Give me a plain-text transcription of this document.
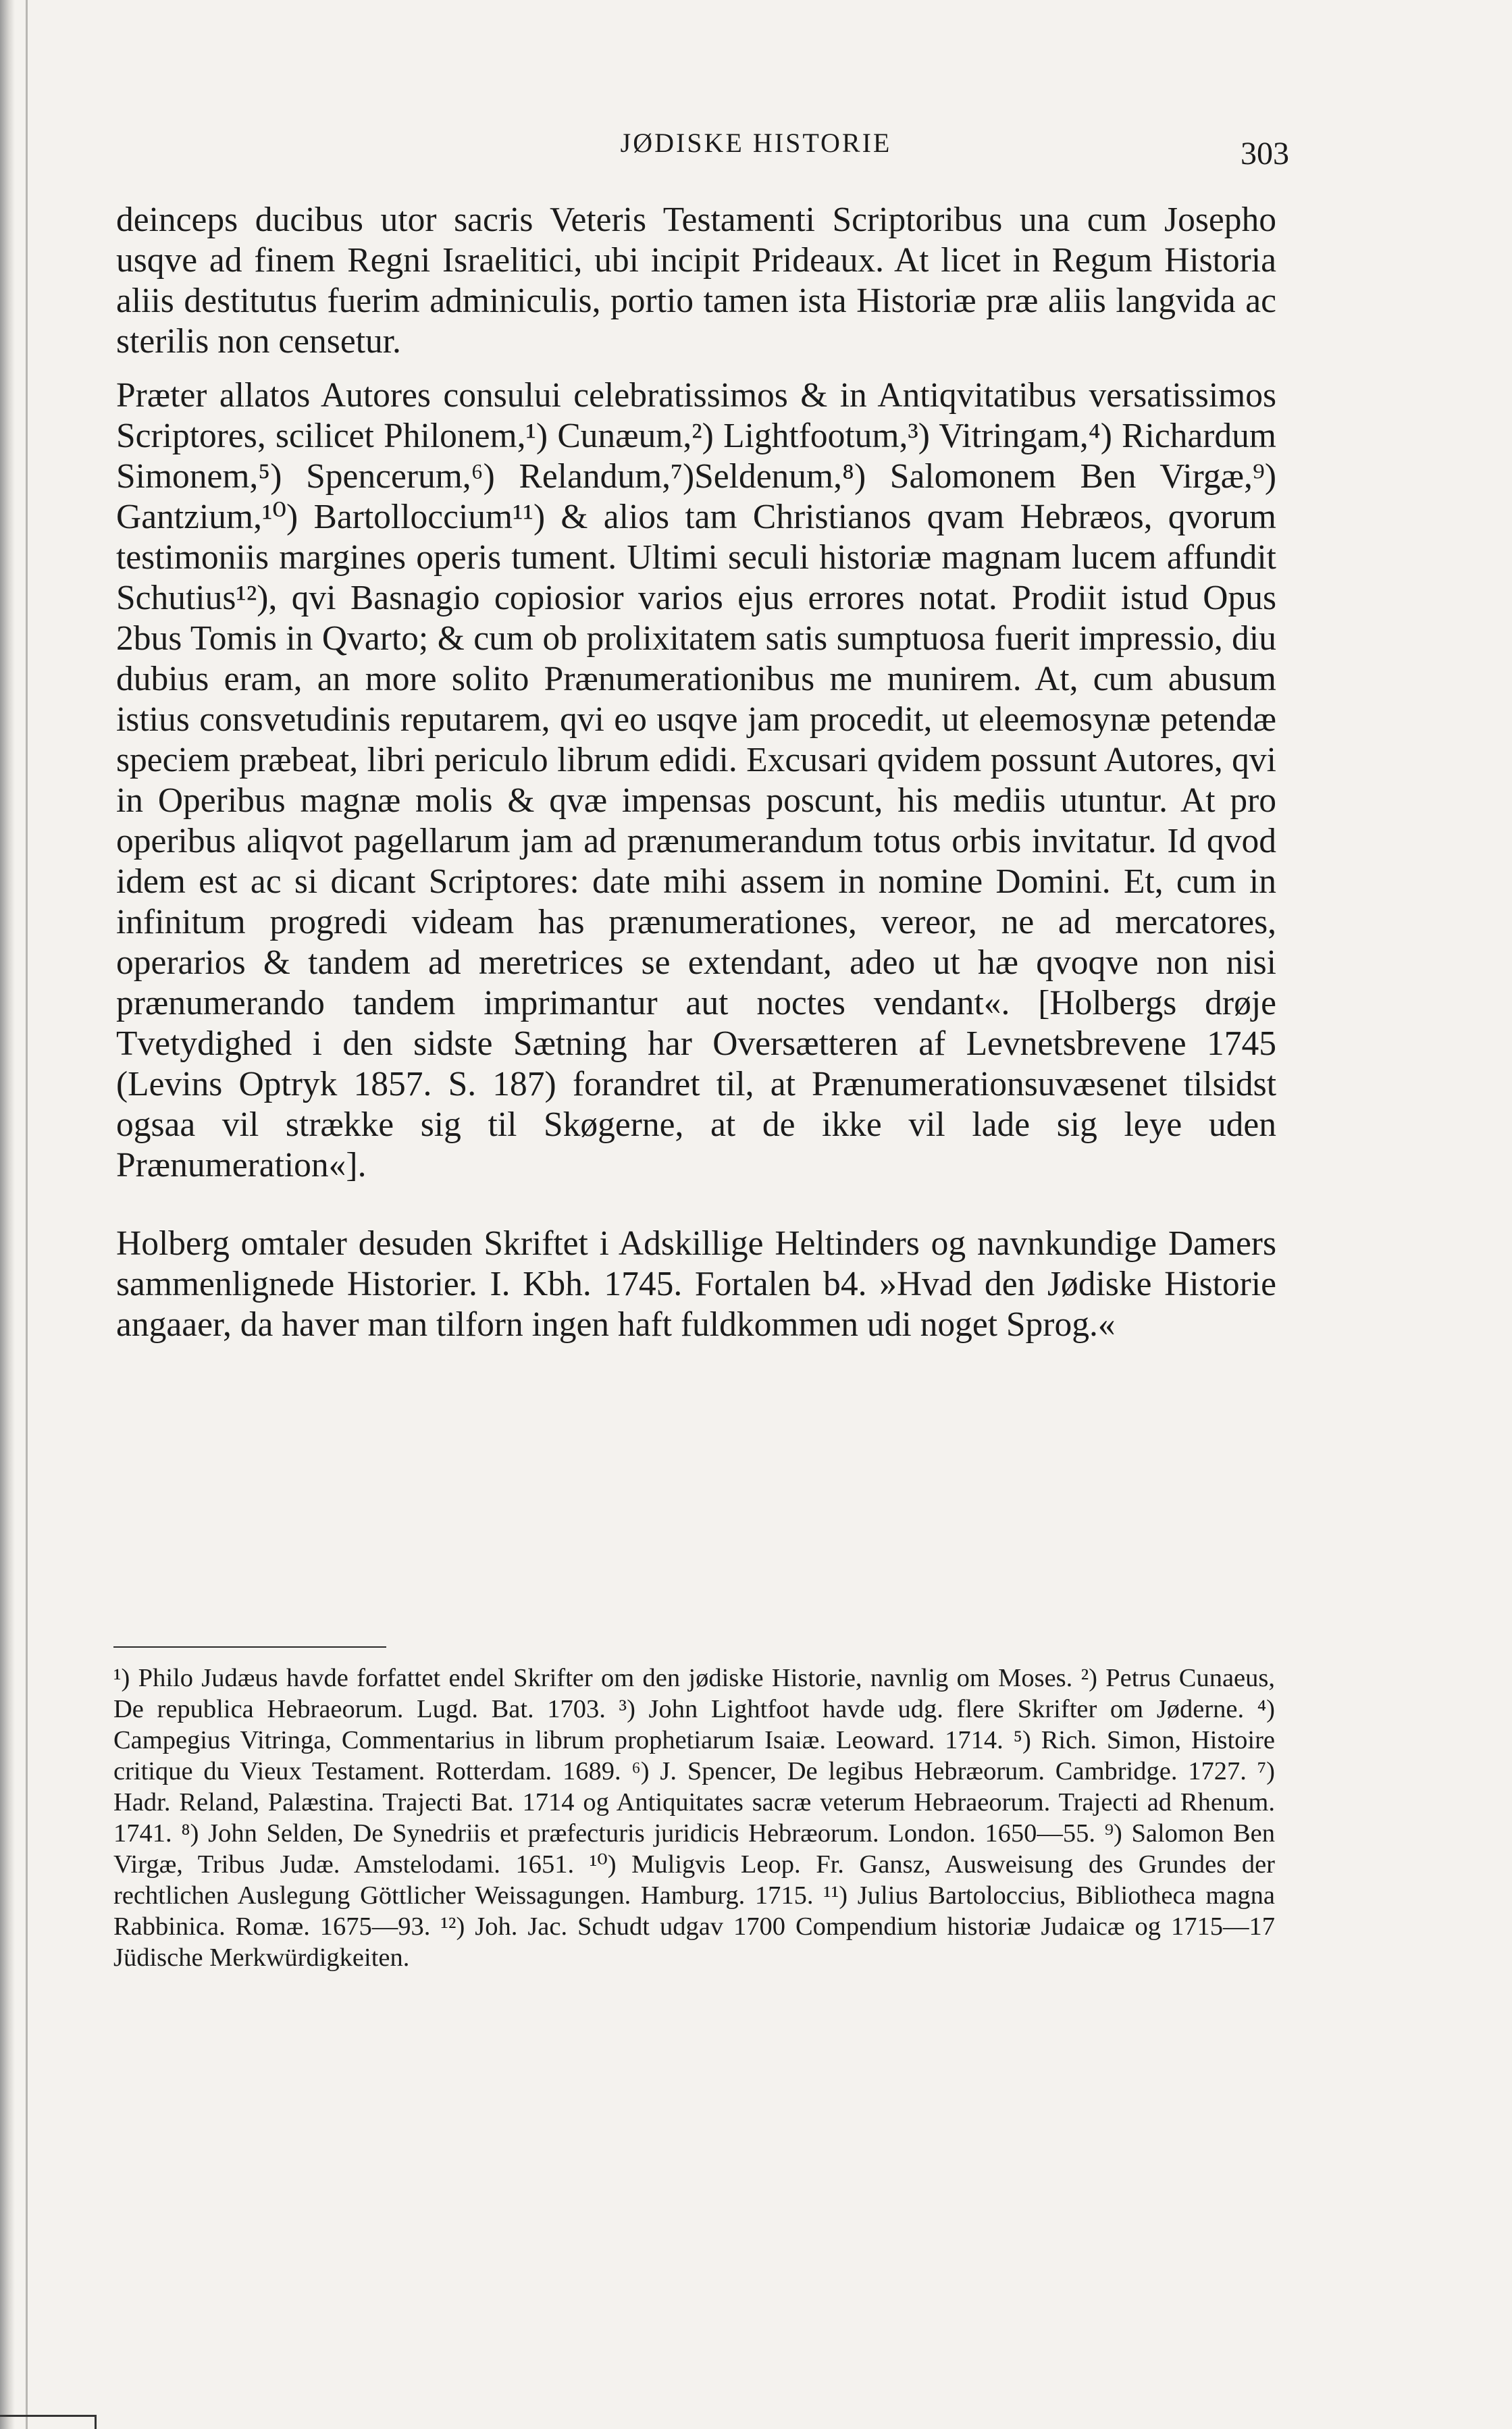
JØDISKE HISTORIE	303

deinceps ducibus utor sacris Veteris Testamenti Scriptoribus una cum Josepho usqve ad finem Regni Israelitici, ubi incipit Prideaux. At licet in Regum Historia aliis destitutus fuerim adminiculis, portio tamen ista Historiæ præ aliis langvida ac sterilis non censetur.

Præter allatos Autores consului celebratissimos & in Antiqvitatibus versatissimos Scriptores, scilicet Philonem,¹) Cunæum,²) Lightfootum,³) Vitringam,⁴) Richardum Simonem,⁵) Spencerum,⁶) Relandum,⁷)Seldenum,⁸) Salomonem Ben Virgæ,⁹) Gantzium,¹⁰) Bartolloccium¹¹) & alios tam Christianos qvam Hebræos, qvorum testimoniis margines operis tument. Ultimi seculi historiæ magnam lucem affundit Schutius¹²), qvi Basnagio copiosior varios ejus errores notat. Prodiit istud Opus 2bus Tomis in Qvarto; & cum ob prolixitatem satis sumptuosa fuerit impressio, diu dubius eram, an more solito Prænumerationibus me munirem. At, cum abusum istius consvetudinis reputarem, qvi eo usqve jam procedit, ut eleemosynæ petendæ speciem præbeat, libri periculo librum edidi. Excusari qvidem possunt Autores, qvi in Operibus magnæ molis & qvæ impensas poscunt, his mediis utuntur. At pro operibus aliqvot pagellarum jam ad prænumerandum totus orbis invitatur. Id qvod idem est ac si dicant Scriptores: date mihi assem in nomine Domini. Et, cum in infinitum progredi videam has prænumerationes, vereor, ne ad mercatores, operarios & tandem ad meretrices se extendant, adeo ut hæ qvoqve non nisi prænumerando tandem imprimantur aut noctes vendant«. [Holbergs drøje Tvetydighed i den sidste Sætning har Oversætteren af Levnetsbrevene 1745 (Levins Optryk 1857. S. 187) forandret til, at Prænumerationsuvæsenet tilsidst ogsaa vil strække sig til Skøgerne, at de ikke vil lade sig leye uden Prænumeration«].

Holberg omtaler desuden Skriftet i Adskillige Heltinders og navnkundige Damers sammenlignede Historier. I. Kbh. 1745. Fortalen b4. »Hvad den Jødiske Historie angaaer, da haver man tilforn ingen haft fuldkommen udi noget Sprog.«

¹) Philo Judæus havde forfattet endel Skrifter om den jødiske Historie, navnlig om Moses. ²) Petrus Cunaeus, De republica Hebraeorum. Lugd. Bat. 1703. ³) John Lightfoot havde udg. flere Skrifter om Jøderne. ⁴) Campegius Vitringa, Commentarius in librum prophetiarum Isaiæ. Leoward. 1714. ⁵) Rich. Simon, Histoire critique du Vieux Testament. Rotterdam. 1689. ⁶) J. Spencer, De legibus Hebræorum. Cambridge. 1727. ⁷) Hadr. Reland, Palæstina. Trajecti Bat. 1714 og Antiquitates sacræ veterum Hebraeorum. Trajecti ad Rhenum. 1741. ⁸) John Selden, De Synedriis et præfecturis juridicis Hebræorum. London. 1650—55. ⁹) Salomon Ben Virgæ, Tribus Judæ. Amstelodami. 1651. ¹⁰) Muligvis Leop. Fr. Gansz, Ausweisung des Grundes der rechtlichen Auslegung Göttlicher Weissagungen. Hamburg. 1715. ¹¹) Julius Bartoloccius, Bibliotheca magna Rabbinica. Romæ. 1675—93. ¹²) Joh. Jac. Schudt udgav 1700 Compendium historiæ Judaicæ og 1715—17 Jüdische Merkwürdigkeiten.
